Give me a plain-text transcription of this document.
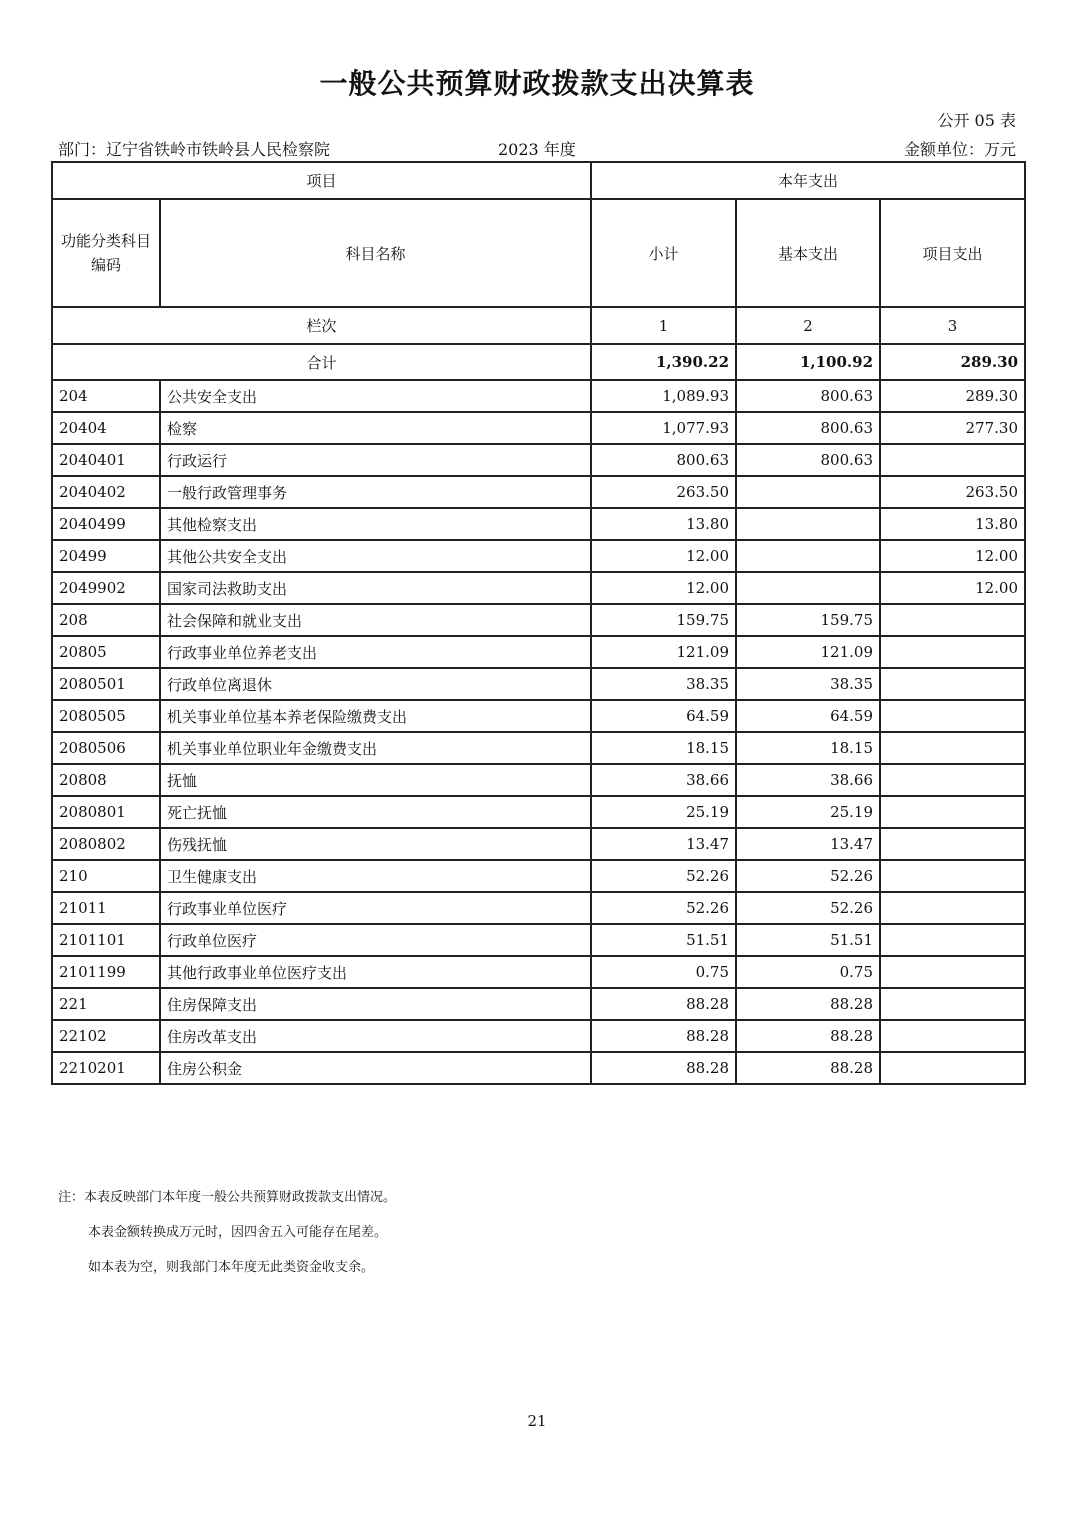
一般公共预算财政拨款支出决算表
公开 05 表
部门：辽宁省铁岭市铁岭县人民检察院	2023 年度	金额单位：万元
项目		本年支出		
功能分类科目编码	科目名称	小计	基本支出	项目支出
栏次		1	2	3
合计		1,390.22	1,100.92	289.30
204	公共安全支出	1,089.93	800.63	289.30
20404	检察	1,077.93	800.63	277.30
2040401	行政运行	800.63	800.63	
2040402	一般行政管理事务	263.50		263.50
2040499	其他检察支出	13.80		13.80
20499	其他公共安全支出	12.00		12.00
2049902	国家司法救助支出	12.00		12.00
208	社会保障和就业支出	159.75	159.75	
20805	行政事业单位养老支出	121.09	121.09	
2080501	行政单位离退休	38.35	38.35	
2080505	机关事业单位基本养老保险缴费支出	64.59	64.59	
2080506	机关事业单位职业年金缴费支出	18.15	18.15	
20808	抚恤	38.66	38.66	
2080801	死亡抚恤	25.19	25.19	
2080802	伤残抚恤	13.47	13.47	
210	卫生健康支出	52.26	52.26	
21011	行政事业单位医疗	52.26	52.26	
2101101	行政单位医疗	51.51	51.51	
2101199	其他行政事业单位医疗支出	0.75	0.75	
221	住房保障支出	88.28	88.28	
22102	住房改革支出	88.28	88.28	
2210201	住房公积金	88.28	88.28	
注：本表反映部门本年度一般公共预算财政拨款支出情况。
本表金额转换成万元时，因四舍五入可能存在尾差。
如本表为空，则我部门本年度无此类资金收支余。
21
